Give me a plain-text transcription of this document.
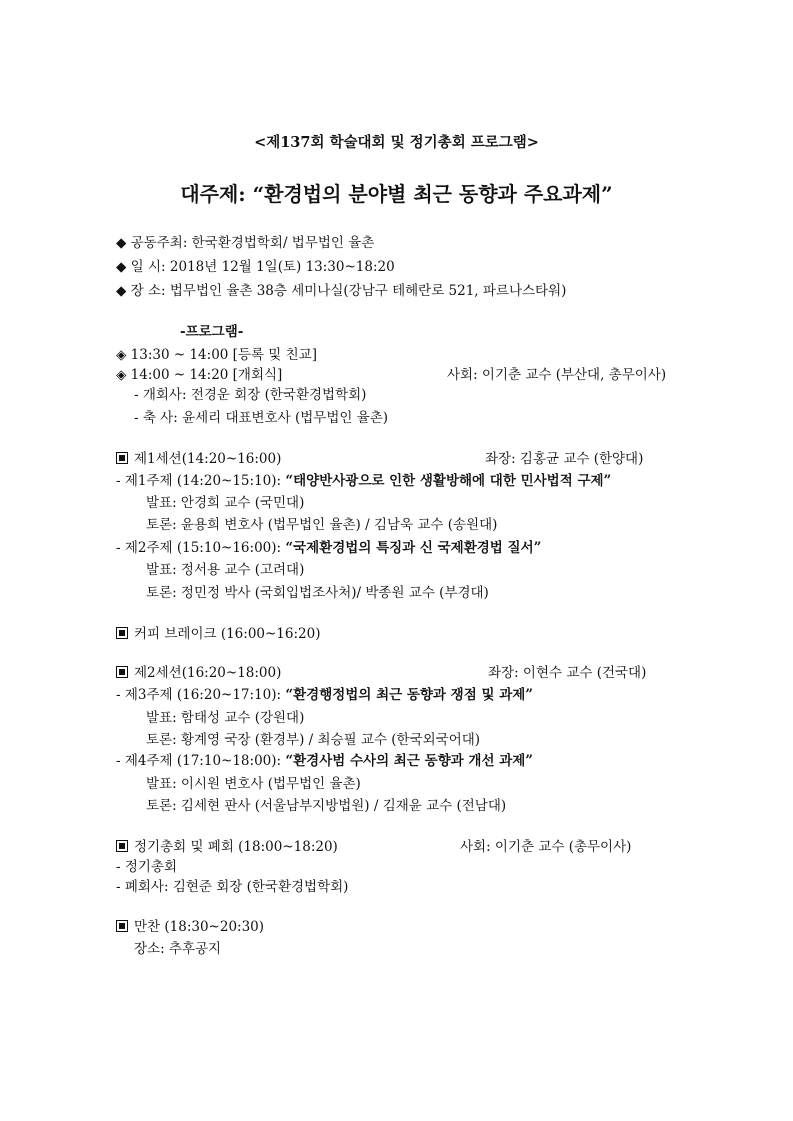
<제137회 학술대회 및 정기총회 프로그램>
대주제: “환경법의 분야별 최근 동향과 주요과제”
◆ 공동주최: 한국환경법학회/ 법무법인 율촌
◆ 일 시: 2018년 12월 1일(토) 13:30~18:20
◆ 장 소: 법무법인 율촌 38층 세미나실(강남구 테헤란로 521, 파르나스타워)
-프로그램-
◈ 13:30 ~ 14:00 [등록 및 친교]
◈ 14:00 ~ 14:20 [개회식]	사회: 이기춘 교수 (부산대, 총무이사)
- 개회사: 전경운 회장 (한국환경법학회)
- 축 사: 윤세리 대표변호사 (법무법인 율촌)
제1세션(14:20~16:00)	좌장: 김홍균 교수 (한양대)
- 제1주제 (14:20~15:10): “태양반사광으로 인한 생활방해에 대한 민사법적 구제”
발표: 안경희 교수 (국민대)
토론: 윤용희 변호사 (법무법인 율촌) / 김남욱 교수 (송원대)
- 제2주제 (15:10~16:00): “국제환경법의 특징과 신 국제환경법 질서”
발표: 정서용 교수 (고려대)
토론: 정민정 박사 (국회입법조사처)/ 박종원 교수 (부경대)
커피 브레이크 (16:00~16:20)
제2세션(16:20~18:00)	좌장: 이현수 교수 (건국대)
- 제3주제 (16:20~17:10): “환경행정법의 최근 동향과 쟁점 및 과제”
발표: 함태성 교수 (강원대)
토론: 황계영 국장 (환경부) / 최승필 교수 (한국외국어대)
- 제4주제 (17:10~18:00): “환경사범 수사의 최근 동향과 개선 과제”
발표: 이시원 변호사 (법무법인 율촌)
토론: 김세현 판사 (서울남부지방법원) / 김재윤 교수 (전남대)
정기총회 및 폐회 (18:00~18:20)	사회: 이기춘 교수 (총무이사)
- 정기총회
- 폐회사: 김현준 회장 (한국환경법학회)
만찬 (18:30~20:30)
장소: 추후공지
